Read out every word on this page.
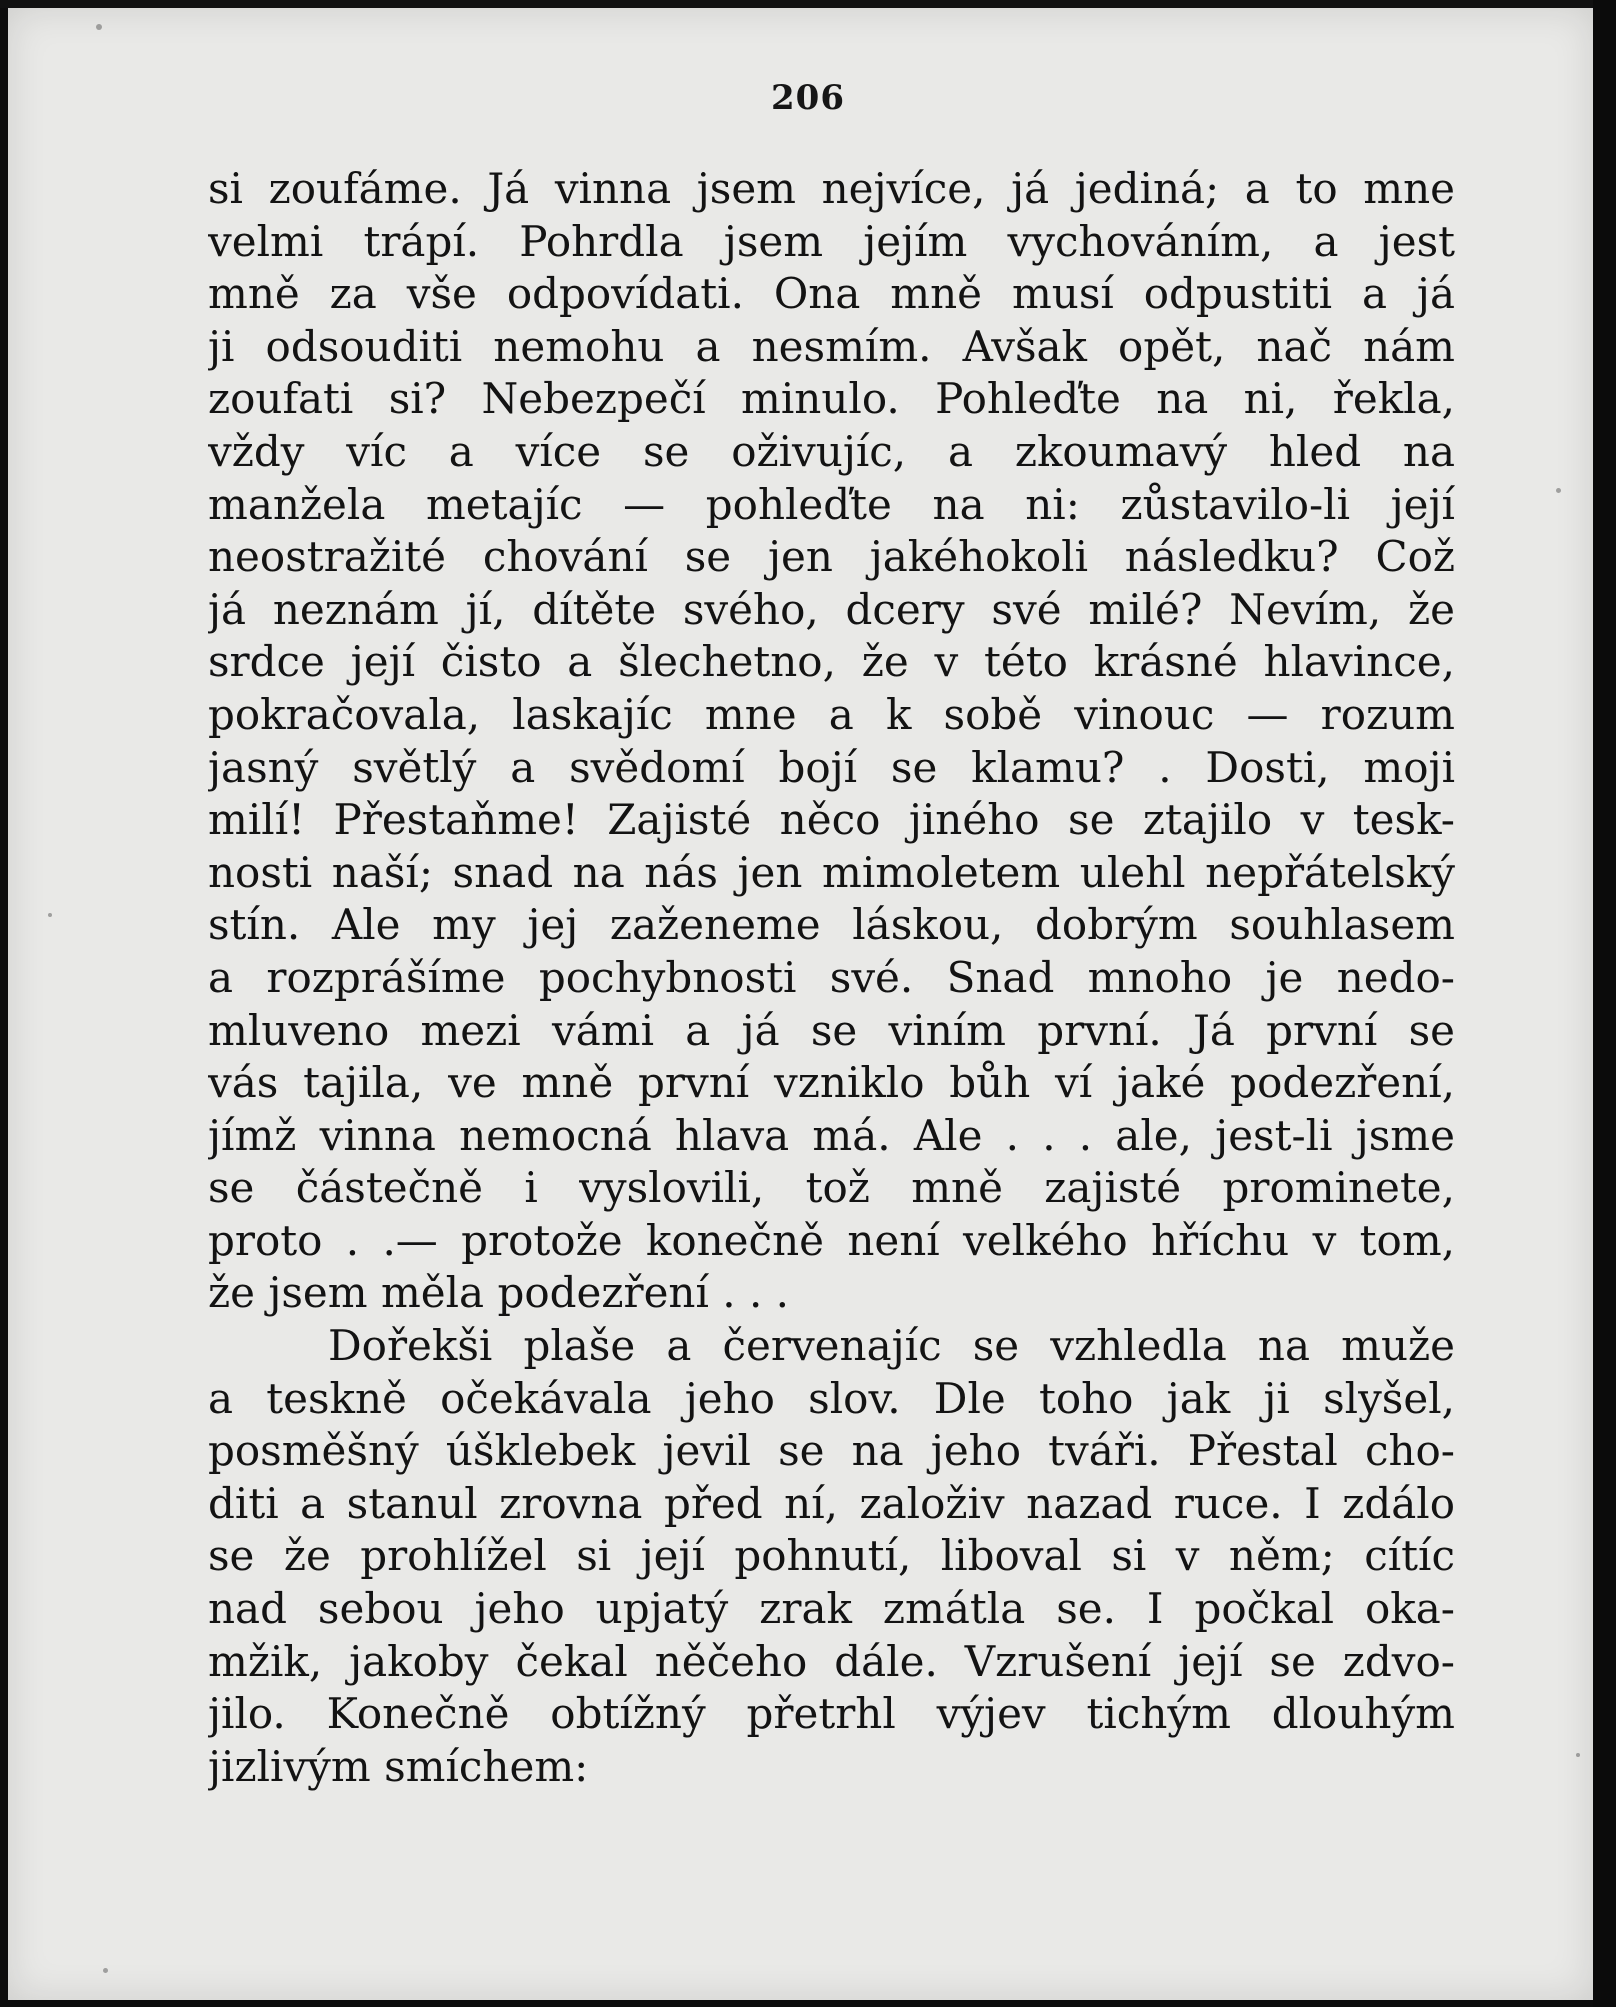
206
si zoufáme. Já vinna jsem nejvíce, já jediná; a to mne
velmi trápí. Pohrdla jsem jejím vychováním, a jest
mně za vše odpovídati. Ona mně musí odpustiti a já
ji odsouditi nemohu a nesmím. Avšak opět, nač nám
zoufati si? Nebezpečí minulo. Pohleďte na ni, řekla,
vždy víc a více se oživujíc, a zkoumavý hled na
manžela metajíc — pohleďte na ni: zůstavilo-li její
neostražité chování se jen jakéhokoli následku? Což
já neznám jí, dítěte svého, dcery své milé? Nevím, že
srdce její čisto a šlechetno, že v této krásné hlavince,
pokračovala, laskajíc mne a k sobě vinouc — rozum
jasný světlý a svědomí bojí se klamu? . Dosti, moji
milí! Přestaňme! Zajisté něco jiného se ztajilo v tesk-
nosti naší; snad na nás jen mimoletem ulehl nepřátelský
stín. Ale my jej zaženeme láskou, dobrým souhlasem
a rozprášíme pochybnosti své. Snad mnoho je nedo-
mluveno mezi vámi a já se viním první. Já první se
vás tajila, ve mně první vzniklo bůh ví jaké podezření,
jímž vinna nemocná hlava má. Ale . . . ale, jest-li jsme
se částečně i vyslovili, tož mně zajisté prominete,
proto . .— protože konečně není velkého hříchu v tom,
že jsem měla podezření . . .
Dořekši plaše a červenajíc se vzhledla na muže
a teskně očekávala jeho slov. Dle toho jak ji slyšel,
posměšný úšklebek jevil se na jeho tváři. Přestal cho-
diti a stanul zrovna před ní, založiv nazad ruce. I zdálo
se že prohlížel si její pohnutí, liboval si v něm; cítíc
nad sebou jeho upjatý zrak zmátla se. I počkal oka-
mžik, jakoby čekal něčeho dále. Vzrušení její se zdvo-
jilo. Konečně obtížný přetrhl výjev tichým dlouhým
jizlivým smíchem:
